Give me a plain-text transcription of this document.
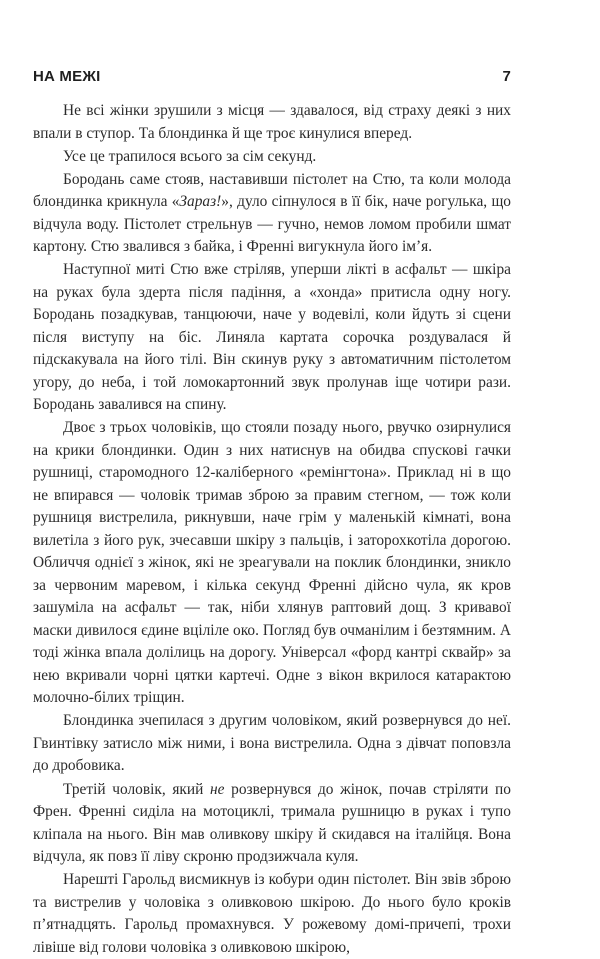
НА МЕЖІ	7

Не всі жінки зрушили з місця — здавалося, від страху деякі з них впали в ступор. Та блондинка й ще троє кинулися вперед.

Усе це трапилося всього за сім секунд.

Бородань саме стояв, наставивши пістолет на Стю, та коли молода блондинка крикнула «Зараз!», дуло сіпнулося в її бік, наче рогулька, що відчула воду. Пістолет стрельнув — гучно, немов ломом пробили шмат картону. Стю звалився з байка, і Френні вигукнула його ім’я.

Наступної миті Стю вже стріляв, уперши лікті в асфальт — шкіра на руках була здерта після падіння, а «хонда» притисла одну ногу. Бородань позадкував, танцюючи, наче у водевілі, коли йдуть зі сцени після виступу на біс. Линяла картата сорочка роздувалася й підскакувала на його тілі. Він скинув руку з автоматичним пістолетом угору, до неба, і той ломокартонний звук пролунав іще чотири рази. Бородань завалився на спину.

Двоє з трьох чоловіків, що стояли позаду нього, рвучко озирнулися на крики блондинки. Один з них натиснув на обидва спускові гачки рушниці, старомодного 12-каліберного «ремінгтона». Приклад ні в що не впирався — чоловік тримав зброю за правим стегном, — тож коли рушниця вистрелила, рикнувши, наче грім у маленькій кімнаті, вона вилетіла з його рук, зчесавши шкіру з пальців, і заторохкотіла дорогою. Обличчя однієї з жінок, які не зреагували на поклик блондинки, зникло за червоним маревом, і кілька секунд Френні дійсно чула, як кров зашуміла на асфальт — так, ніби хлянув раптовий дощ. З кривавої маски дивилося єдине вціліле око. Погляд був очманілим і безтямним. А тоді жінка впала долілиць на дорогу. Універсал «форд кантрі сквайр» за нею вкривали чорні цятки картечі. Одне з вікон вкрилося катарактою молочно-білих тріщин.

Блондинка зчепилася з другим чоловіком, який розвернувся до неї. Гвинтівку затисло між ними, і вона вистрелила. Одна з дівчат поповзла до дробовика.

Третій чоловік, який не розвернувся до жінок, почав стріляти по Френ. Френні сиділа на мотоциклі, тримала рушницю в руках і тупо кліпала на нього. Він мав оливкову шкіру й скидався на італійця. Вона відчула, як повз її ліву скроню продзижчала куля.

Нарешті Гарольд висмикнув із кобури один пістолет. Він звів зброю та вистрелив у чоловіка з оливковою шкірою. До нього було кроків п’ятнадцять. Гарольд промахнувся. У рожевому домі-причепі, трохи лівіше від голови чоловіка з оливковою шкірою,
